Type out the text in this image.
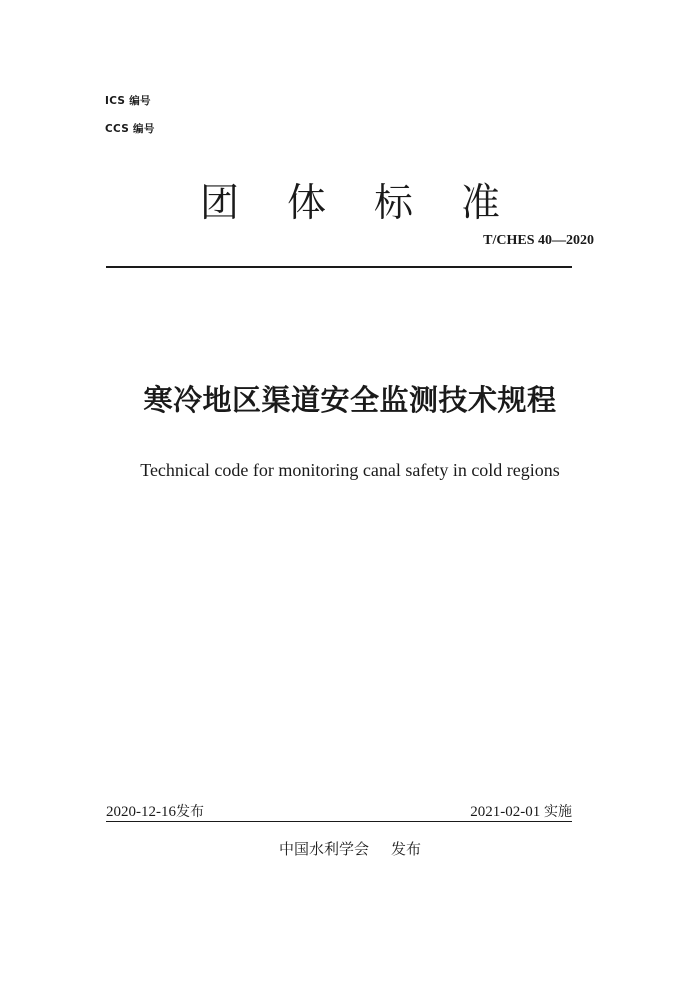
ICS 编号
CCS 编号
团 体 标 准
T/CHES 40—2020
寒冷地区渠道安全监测技术规程
Technical code for monitoring canal safety in cold regions
2020-12-16发布	2021-02-01 实施
中国水利学会 发布
